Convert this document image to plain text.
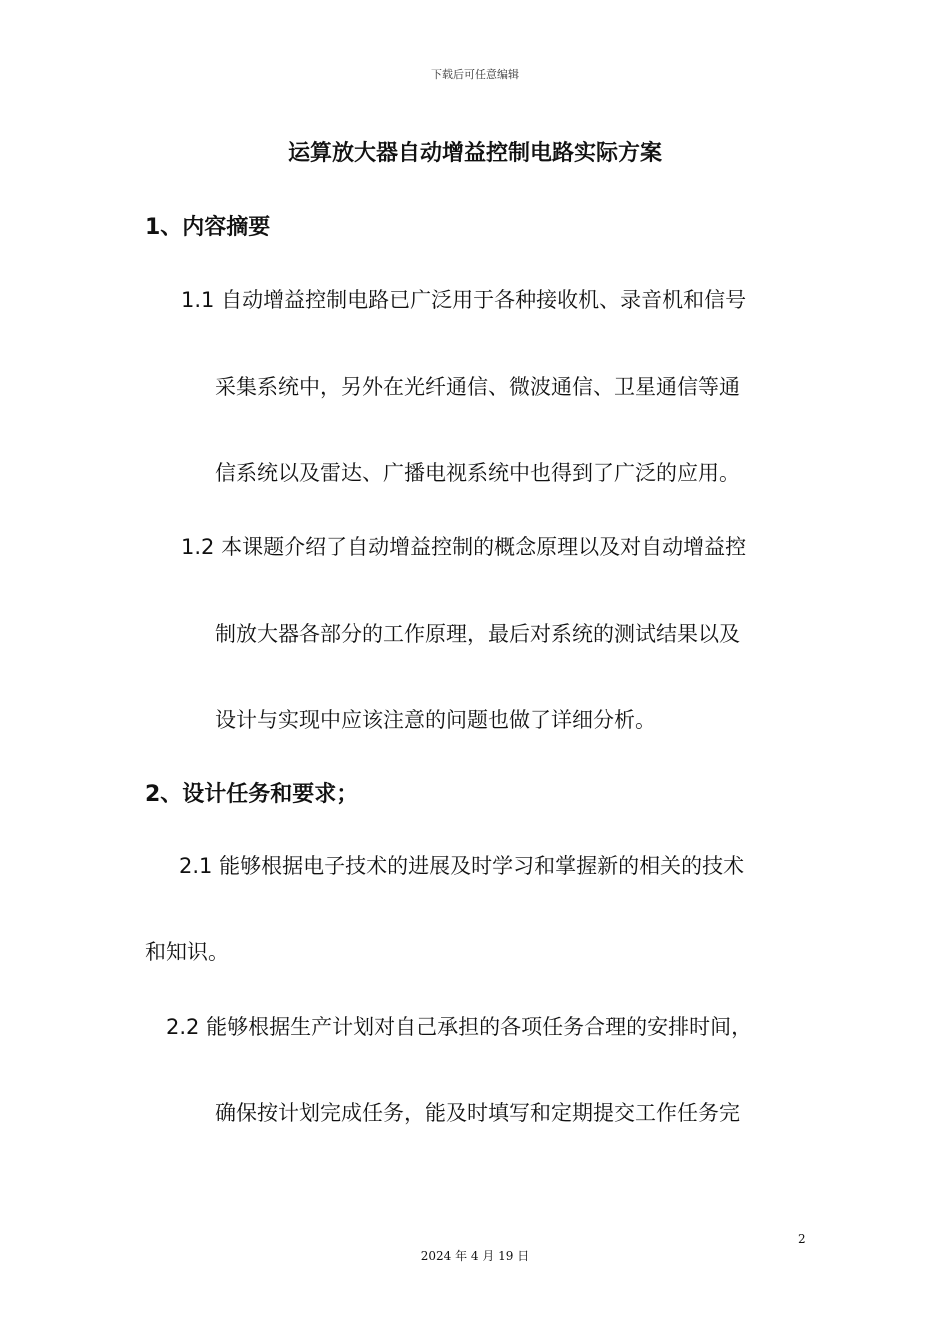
下载后可任意编辑
运算放大器自动增益控制电路实际方案
1、内容摘要
1.1 自动增益控制电路已广泛用于各种接收机、录音机和信号
采集系统中，另外在光纤通信、微波通信、卫星通信等通
信系统以及雷达、广播电视系统中也得到了广泛的应用。
1.2 本课题介绍了自动增益控制的概念原理以及对自动增益控
制放大器各部分的工作原理，最后对系统的测试结果以及
设计与实现中应该注意的问题也做了详细分析。
2、设计任务和要求；
2.1 能够根据电子技术的进展及时学习和掌握新的相关的技术
和知识。
2.2 能够根据生产计划对自己承担的各项任务合理的安排时间，
确保按计划完成任务，能及时填写和定期提交工作任务完
2
2024 年 4 月 19 日
